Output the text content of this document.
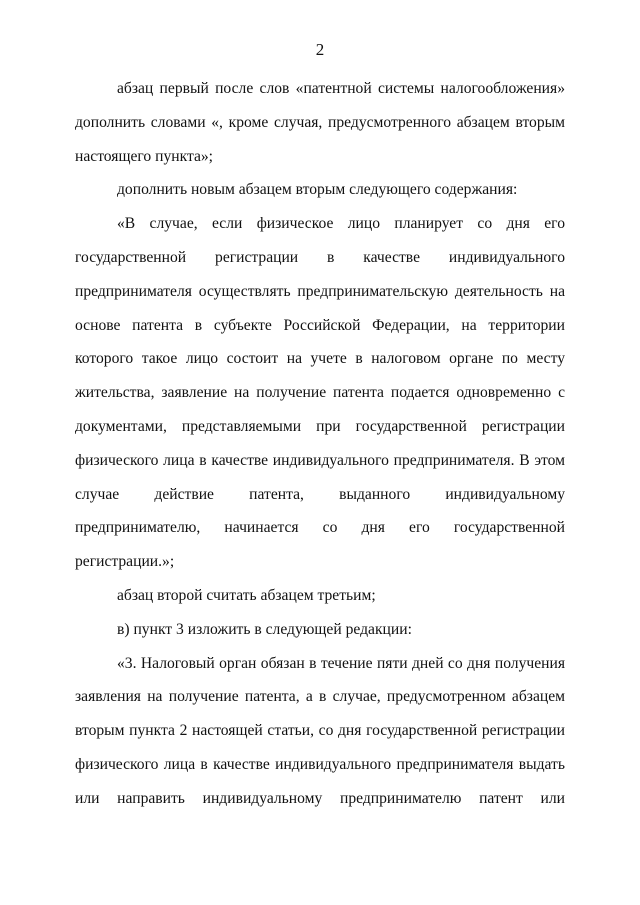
2

абзац первый после слов «патентной системы налогообложения» дополнить словами «, кроме случая, предусмотренного абзацем вторым настоящего пункта»;

дополнить новым абзацем вторым следующего содержания:

«В случае, если физическое лицо планирует со дня его государственной регистрации в качестве индивидуального предпринимателя осуществлять предпринимательскую деятельность на основе патента в субъекте Российской Федерации, на территории которого такое лицо состоит на учете в налоговом органе по месту жительства, заявление на получение патента подается одновременно с документами, представляемыми при государственной регистрации физического лица в качестве индивидуального предпринимателя. В этом случае действие патента, выданного индивидуальному предпринимателю, начинается со дня его государственной регистрации.»;

абзац второй считать абзацем третьим;

в) пункт 3 изложить в следующей редакции:

«3. Налоговый орган обязан в течение пяти дней со дня получения заявления на получение патента, а в случае, предусмотренном абзацем вторым пункта 2 настоящей статьи, со дня государственной регистрации физического лица в качестве индивидуального предпринимателя выдать или направить индивидуальному предпринимателю патент или
